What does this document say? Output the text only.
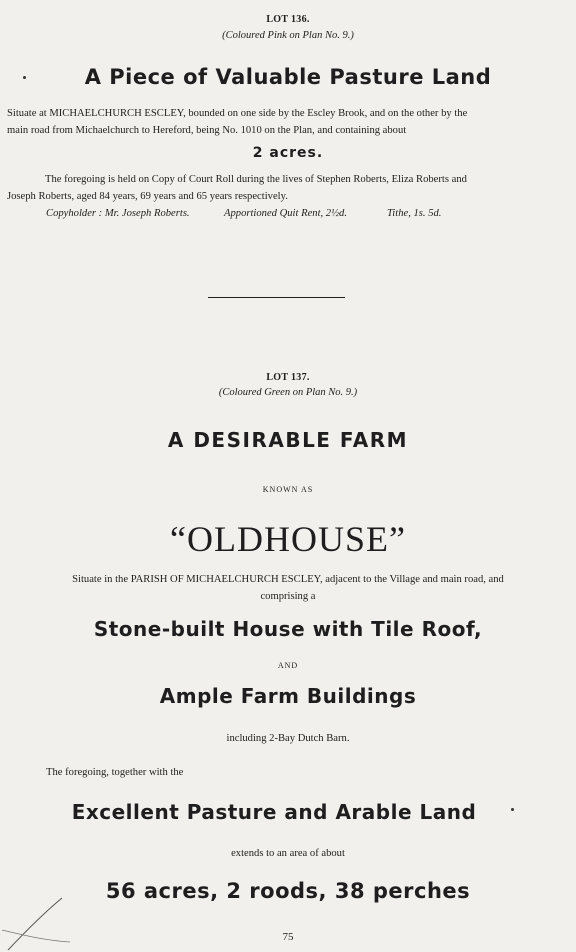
LOT 136.
(Coloured Pink on Plan No. 9.)
A Piece of Valuable Pasture Land
Situate at MICHAELCHURCH ESCLEY, bounded on one side by the Escley Brook, and on the other by the
main road from Michaelchurch to Hereford, being No. 1010 on the Plan, and containing about
2 acres.
The foregoing is held on Copy of Court Roll during the lives of Stephen Roberts, Eliza Roberts and
Joseph Roberts, aged 84 years, 69 years and 65 years respectively.
Copyholder : Mr. Joseph Roberts.	Apportioned Quit Rent, 2½d.	Tithe, 1s. 5d.
LOT 137.
(Coloured Green on Plan No. 9.)
A DESIRABLE FARM
KNOWN AS
“OLDHOUSE”
Situate in the PARISH OF MICHAELCHURCH ESCLEY, adjacent to the Village and main road, and
comprising a
Stone-built House with Tile Roof,
AND
Ample Farm Buildings
including 2-Bay Dutch Barn.
The foregoing, together with the
Excellent Pasture and Arable Land
extends to an area of about
56 acres, 2 roods, 38 perches
75
